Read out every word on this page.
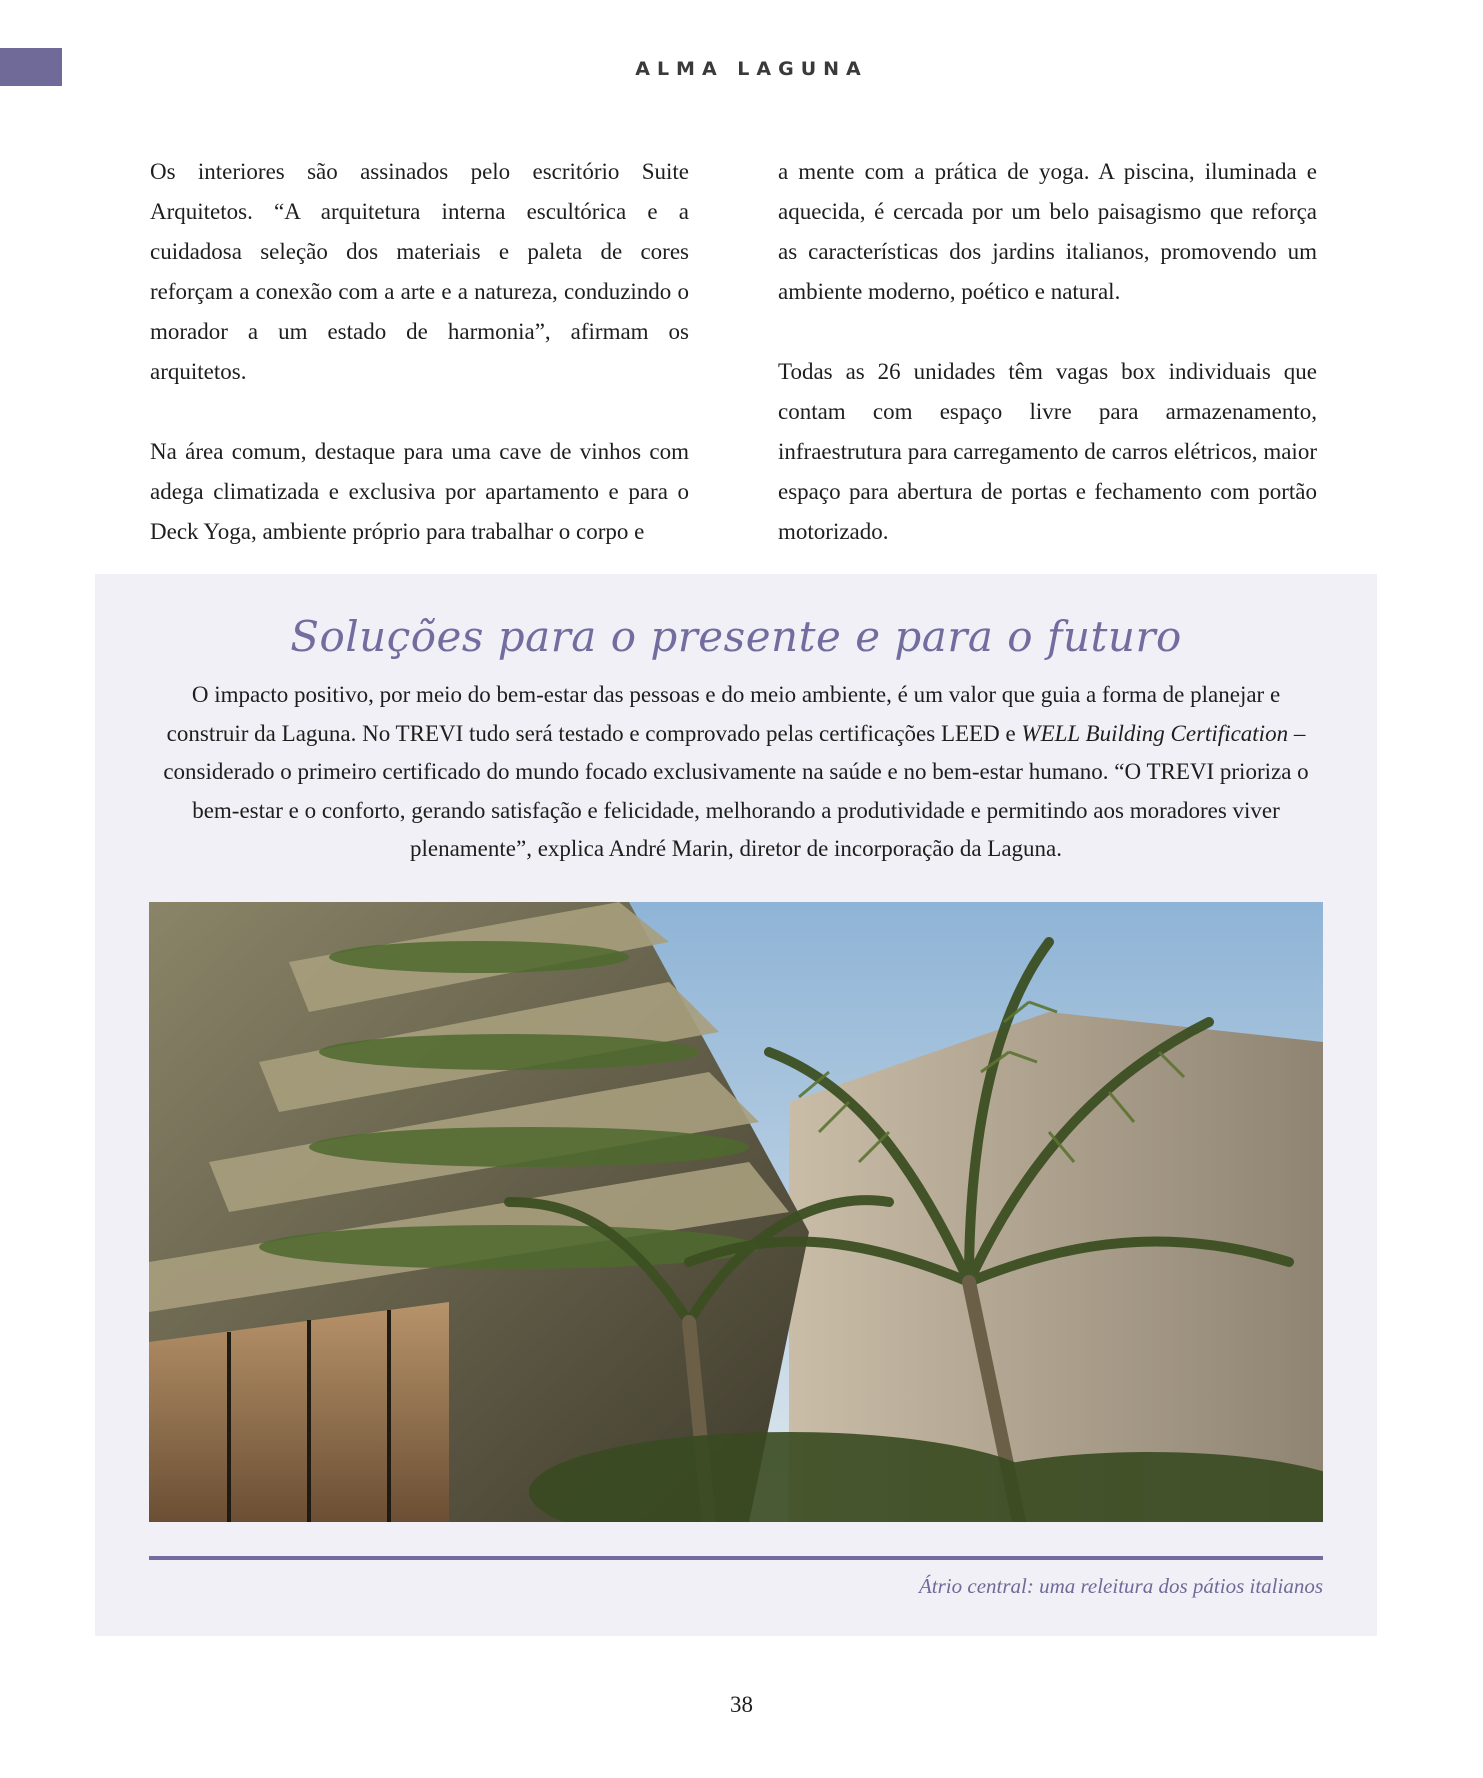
ALMA LAGUNA

Os interiores são assinados pelo escritório Suite Arquitetos. “A arquitetura interna escultórica e a cuidadosa seleção dos materiais e paleta de cores reforçam a conexão com a arte e a natureza, conduzindo o morador a um estado de harmonia”, afirmam os arquitetos.

Na área comum, destaque para uma cave de vinhos com adega climatizada e exclusiva por apartamento e para o Deck Yoga, ambiente próprio para trabalhar o corpo e

a mente com a prática de yoga. A piscina, iluminada e aquecida, é cercada por um belo paisagismo que reforça as características dos jardins italianos, promovendo um ambiente moderno, poético e natural.

Todas as 26 unidades têm vagas box individuais que contam com espaço livre para armazenamento, infraestrutura para carregamento de carros elétricos, maior espaço para abertura de portas e fechamento com portão motorizado.

Soluções para o presente e para o futuro
O impacto positivo, por meio do bem-estar das pessoas e do meio ambiente, é um valor que guia a forma de planejar e construir da Laguna. No TREVI tudo será testado e comprovado pelas certificações LEED e WELL Building Certification – considerado o primeiro certificado do mundo focado exclusivamente na saúde e no bem-estar humano. “O TREVI prioriza o bem-estar e o conforto, gerando satisfação e felicidade, melhorando a produtividade e permitindo aos moradores viver plenamente”, explica André Marin, diretor de incorporação da Laguna.
Átrio central: uma releitura dos pátios italianos
38
